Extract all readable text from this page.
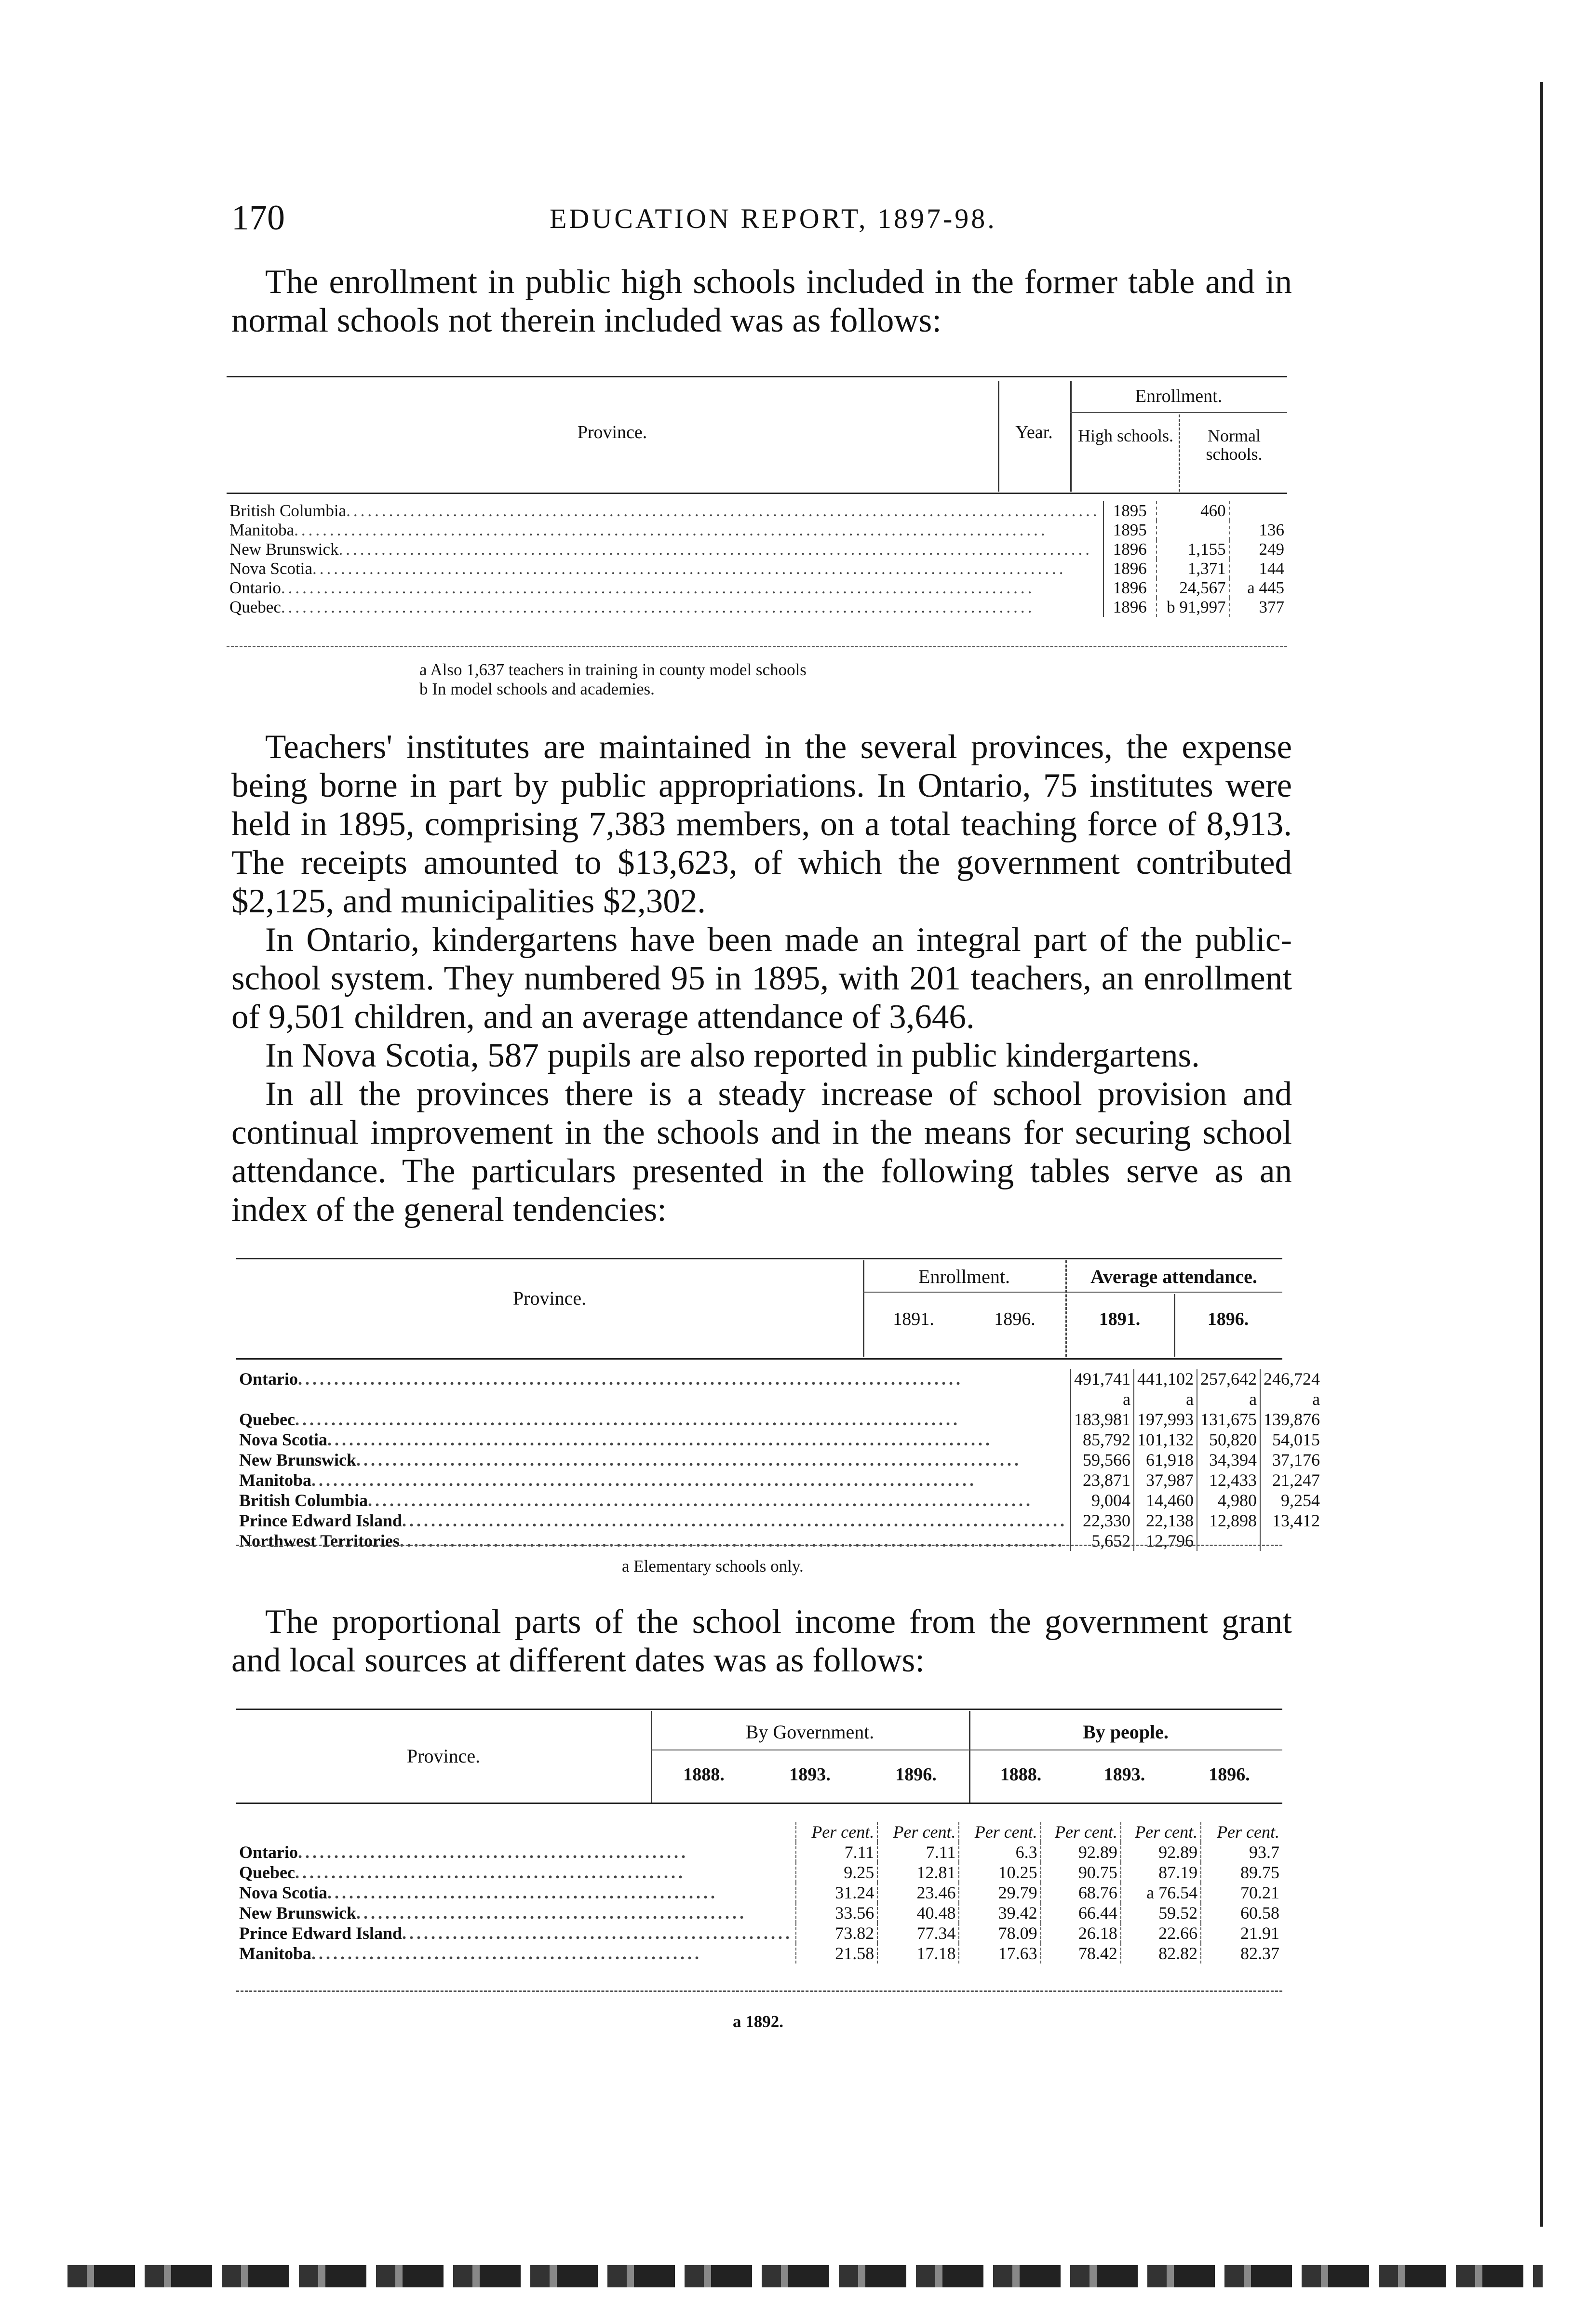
170	EDUCATION REPORT, 1897-98.

The enrollment in public high schools included in the former table and in normal schools not therein included was as follows:

Province.	Year.
Enrollment.
High schools.	Normal schools.
British Columbia..........................................................................................................	1895	460	
Manitoba..........................................................................................................	1895		136
New Brunswick..........................................................................................................	1896	1,155	249
Nova Scotia..........................................................................................................	1896	1,371	144
Ontario..........................................................................................................	1896	24,567	a 445
Quebec..........................................................................................................	1896	b 91,997	377
a Also 1,637 teachers in training in county model schools
b In model schools and academies.

Teachers' institutes are maintained in the several provinces, the expense being borne in part by public appropriations. In Ontario, 75 institutes were held in 1895, comprising 7,383 members, on a total teaching force of 8,913. The receipts amounted to $13,623, of which the government contributed $2,125, and municipalities $2,302.

In Ontario, kindergartens have been made an integral part of the public-school system. They numbered 95 in 1895, with 201 teachers, an enrollment of 9,501 children, and an average attendance of 3,646.

In Nova Scotia, 587 pupils are also reported in public kindergartens.

In all the provinces there is a steady increase of school provision and continual improvement in the schools and in the means for securing school attendance. The particulars presented in the following tables serve as an index of the general tendencies:

Province.
Enrollment.	Average attendance.
1891.	1896.	1891.	1896.
Ontario............................................................................................	491,741	441,102	257,642	246,724
Quebec............................................................................................	a 183,981	a 197,993	a 131,675	a 139,876
Nova Scotia............................................................................................	85,792	101,132	50,820	54,015
New Brunswick............................................................................................	59,566	61,918	34,394	37,176
Manitoba............................................................................................	23,871	37,987	12,433	21,247
British Columbia............................................................................................	9,004	14,460	4,980	9,254
Prince Edward Island............................................................................................	22,330	22,138	12,898	13,412
Northwest Territories............................................................................................	5,652	12,796		
a Elementary schools only.

The proportional parts of the school income from the government grant and local sources at different dates was as follows:

Province.
By Government.	By people.
1888.	1893.	1896.	1888.	1893.	1896.
	Per cent.	Per cent.	Per cent.	Per cent.	Per cent.	Per cent.
Ontario......................................................	7.11	7.11	6.3	92.89	92.89	93.7
Quebec......................................................	9.25	12.81	10.25	90.75	87.19	89.75
Nova Scotia......................................................	31.24	23.46	29.79	68.76	a 76.54	70.21
New Brunswick......................................................	33.56	40.48	39.42	66.44	59.52	60.58
Prince Edward Island......................................................	73.82	77.34	78.09	26.18	22.66	21.91
Manitoba......................................................	21.58	17.18	17.63	78.42	82.82	82.37
a 1892.
